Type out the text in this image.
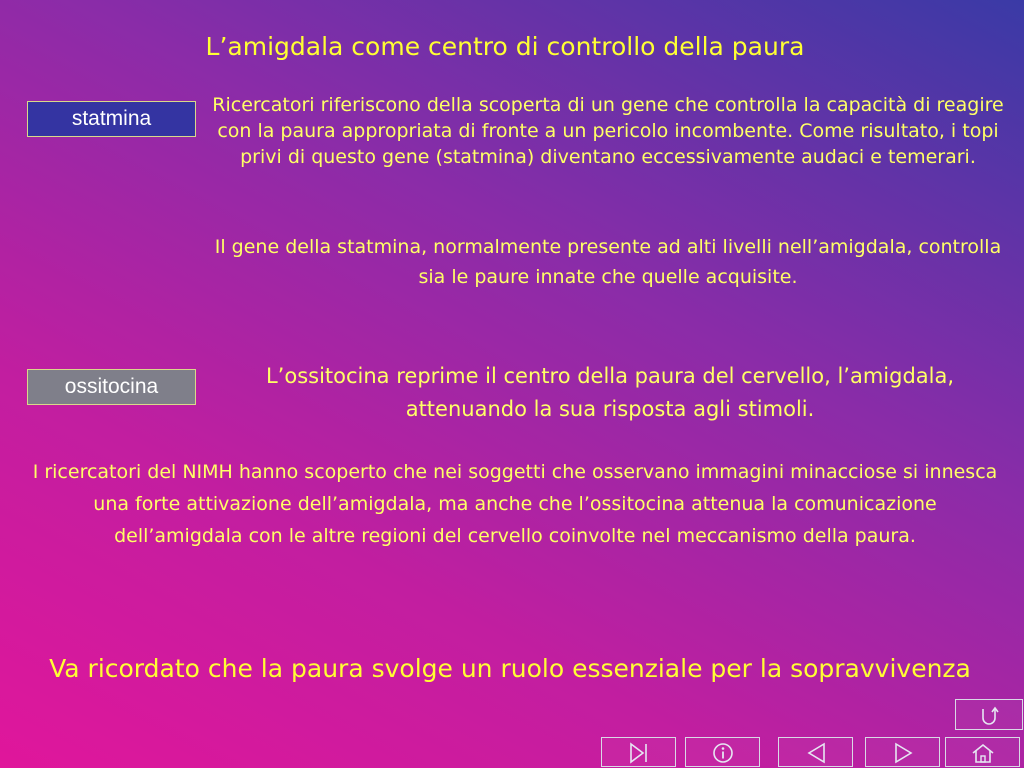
L’amigdala come centro di controllo della paura
statmina

Ricercatori riferiscono della scoperta di un gene che controlla la capacità di reagire con la paura appropriata di fronte a un pericolo incombente. Come risultato, i topi privi di questo gene (statmina) diventano eccessivamente audaci e temerari.

Il gene della statmina, normalmente presente ad alti livelli nell’amigdala, controlla sia le paure innate che quelle acquisite.

ossitocina	L’ossitocina reprime il centro della paura del cervello, l’amigdala, attenuando la sua risposta agli stimoli.

I ricercatori del NIMH hanno scoperto che nei soggetti che osservano immagini minacciose si innesca una forte attivazione dell’amigdala, ma anche che l’ossitocina attenua la comunicazione dell’amigdala con le altre regioni del cervello coinvolte nel meccanismo della paura.

Va ricordato che la paura svolge un ruolo essenziale per la sopravvivenza
